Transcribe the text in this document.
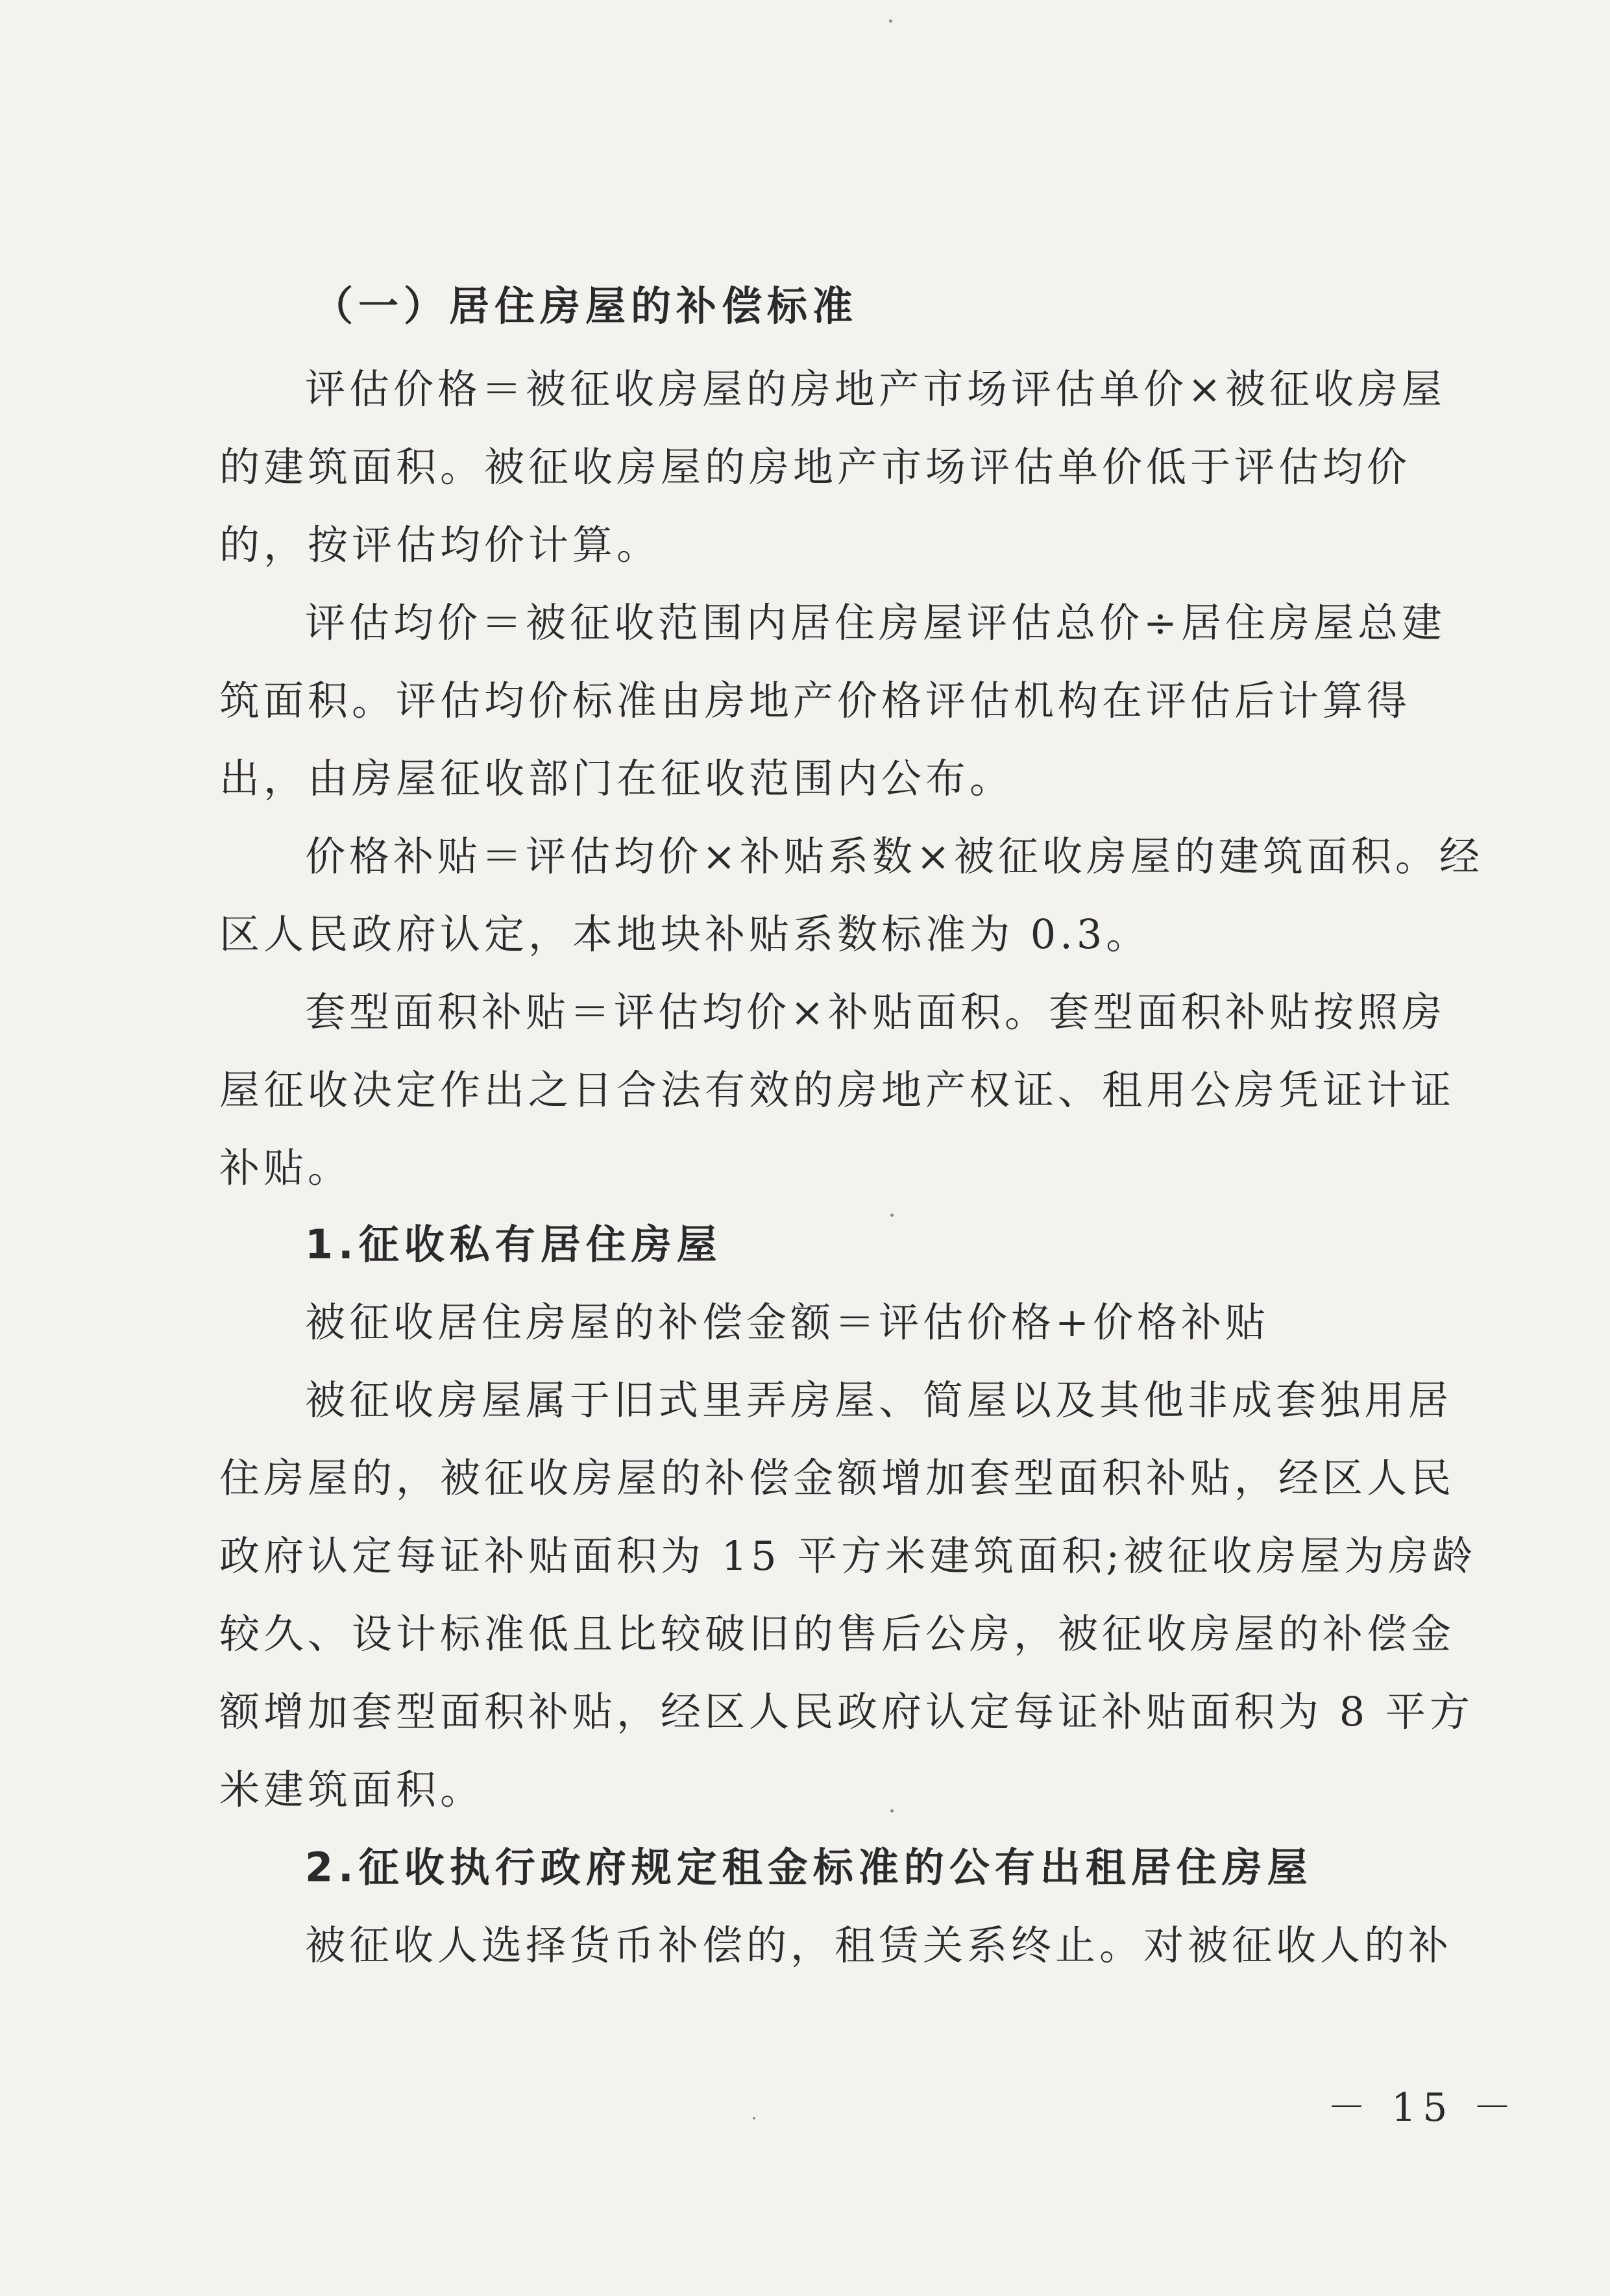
（一）居住房屋的补偿标准
评估价格＝被征收房屋的房地产市场评估单价×被征收房屋
的建筑面积。被征收房屋的房地产市场评估单价低于评估均价
的，按评估均价计算。
评估均价＝被征收范围内居住房屋评估总价÷居住房屋总建
筑面积。评估均价标准由房地产价格评估机构在评估后计算得
出，由房屋征收部门在征收范围内公布。
价格补贴＝评估均价×补贴系数×被征收房屋的建筑面积。经
区人民政府认定，本地块补贴系数标准为 0.3。
套型面积补贴＝评估均价×补贴面积。套型面积补贴按照房
屋征收决定作出之日合法有效的房地产权证、租用公房凭证计证
补贴。
1.征收私有居住房屋
被征收居住房屋的补偿金额＝评估价格+价格补贴
被征收房屋属于旧式里弄房屋、简屋以及其他非成套独用居
住房屋的，被征收房屋的补偿金额增加套型面积补贴，经区人民
政府认定每证补贴面积为 15 平方米建筑面积;被征收房屋为房龄
较久、设计标准低且比较破旧的售后公房，被征收房屋的补偿金
额增加套型面积补贴，经区人民政府认定每证补贴面积为 8 平方
米建筑面积。
2.征收执行政府规定租金标准的公有出租居住房屋
被征收人选择货币补偿的，租赁关系终止。对被征收人的补
－ 15 －
